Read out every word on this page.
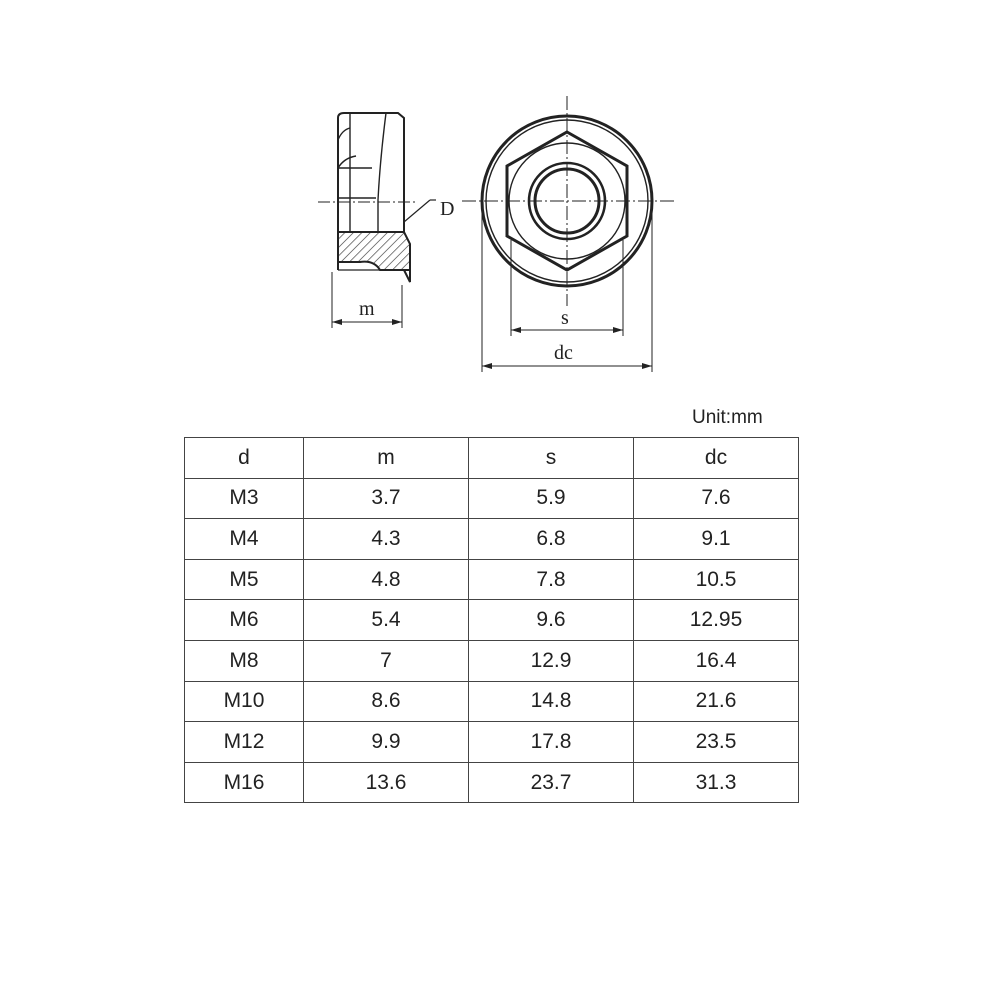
D
m	s
dc
Unit:mm
d	m	s	dc
M3	3.7	5.9	7.6
M4	4.3	6.8	9.1
M5	4.8	7.8	10.5
M6	5.4	9.6	12.95
M8	7	12.9	16.4
M10	8.6	14.8	21.6
M12	9.9	17.8	23.5
M16	13.6	23.7	31.3
